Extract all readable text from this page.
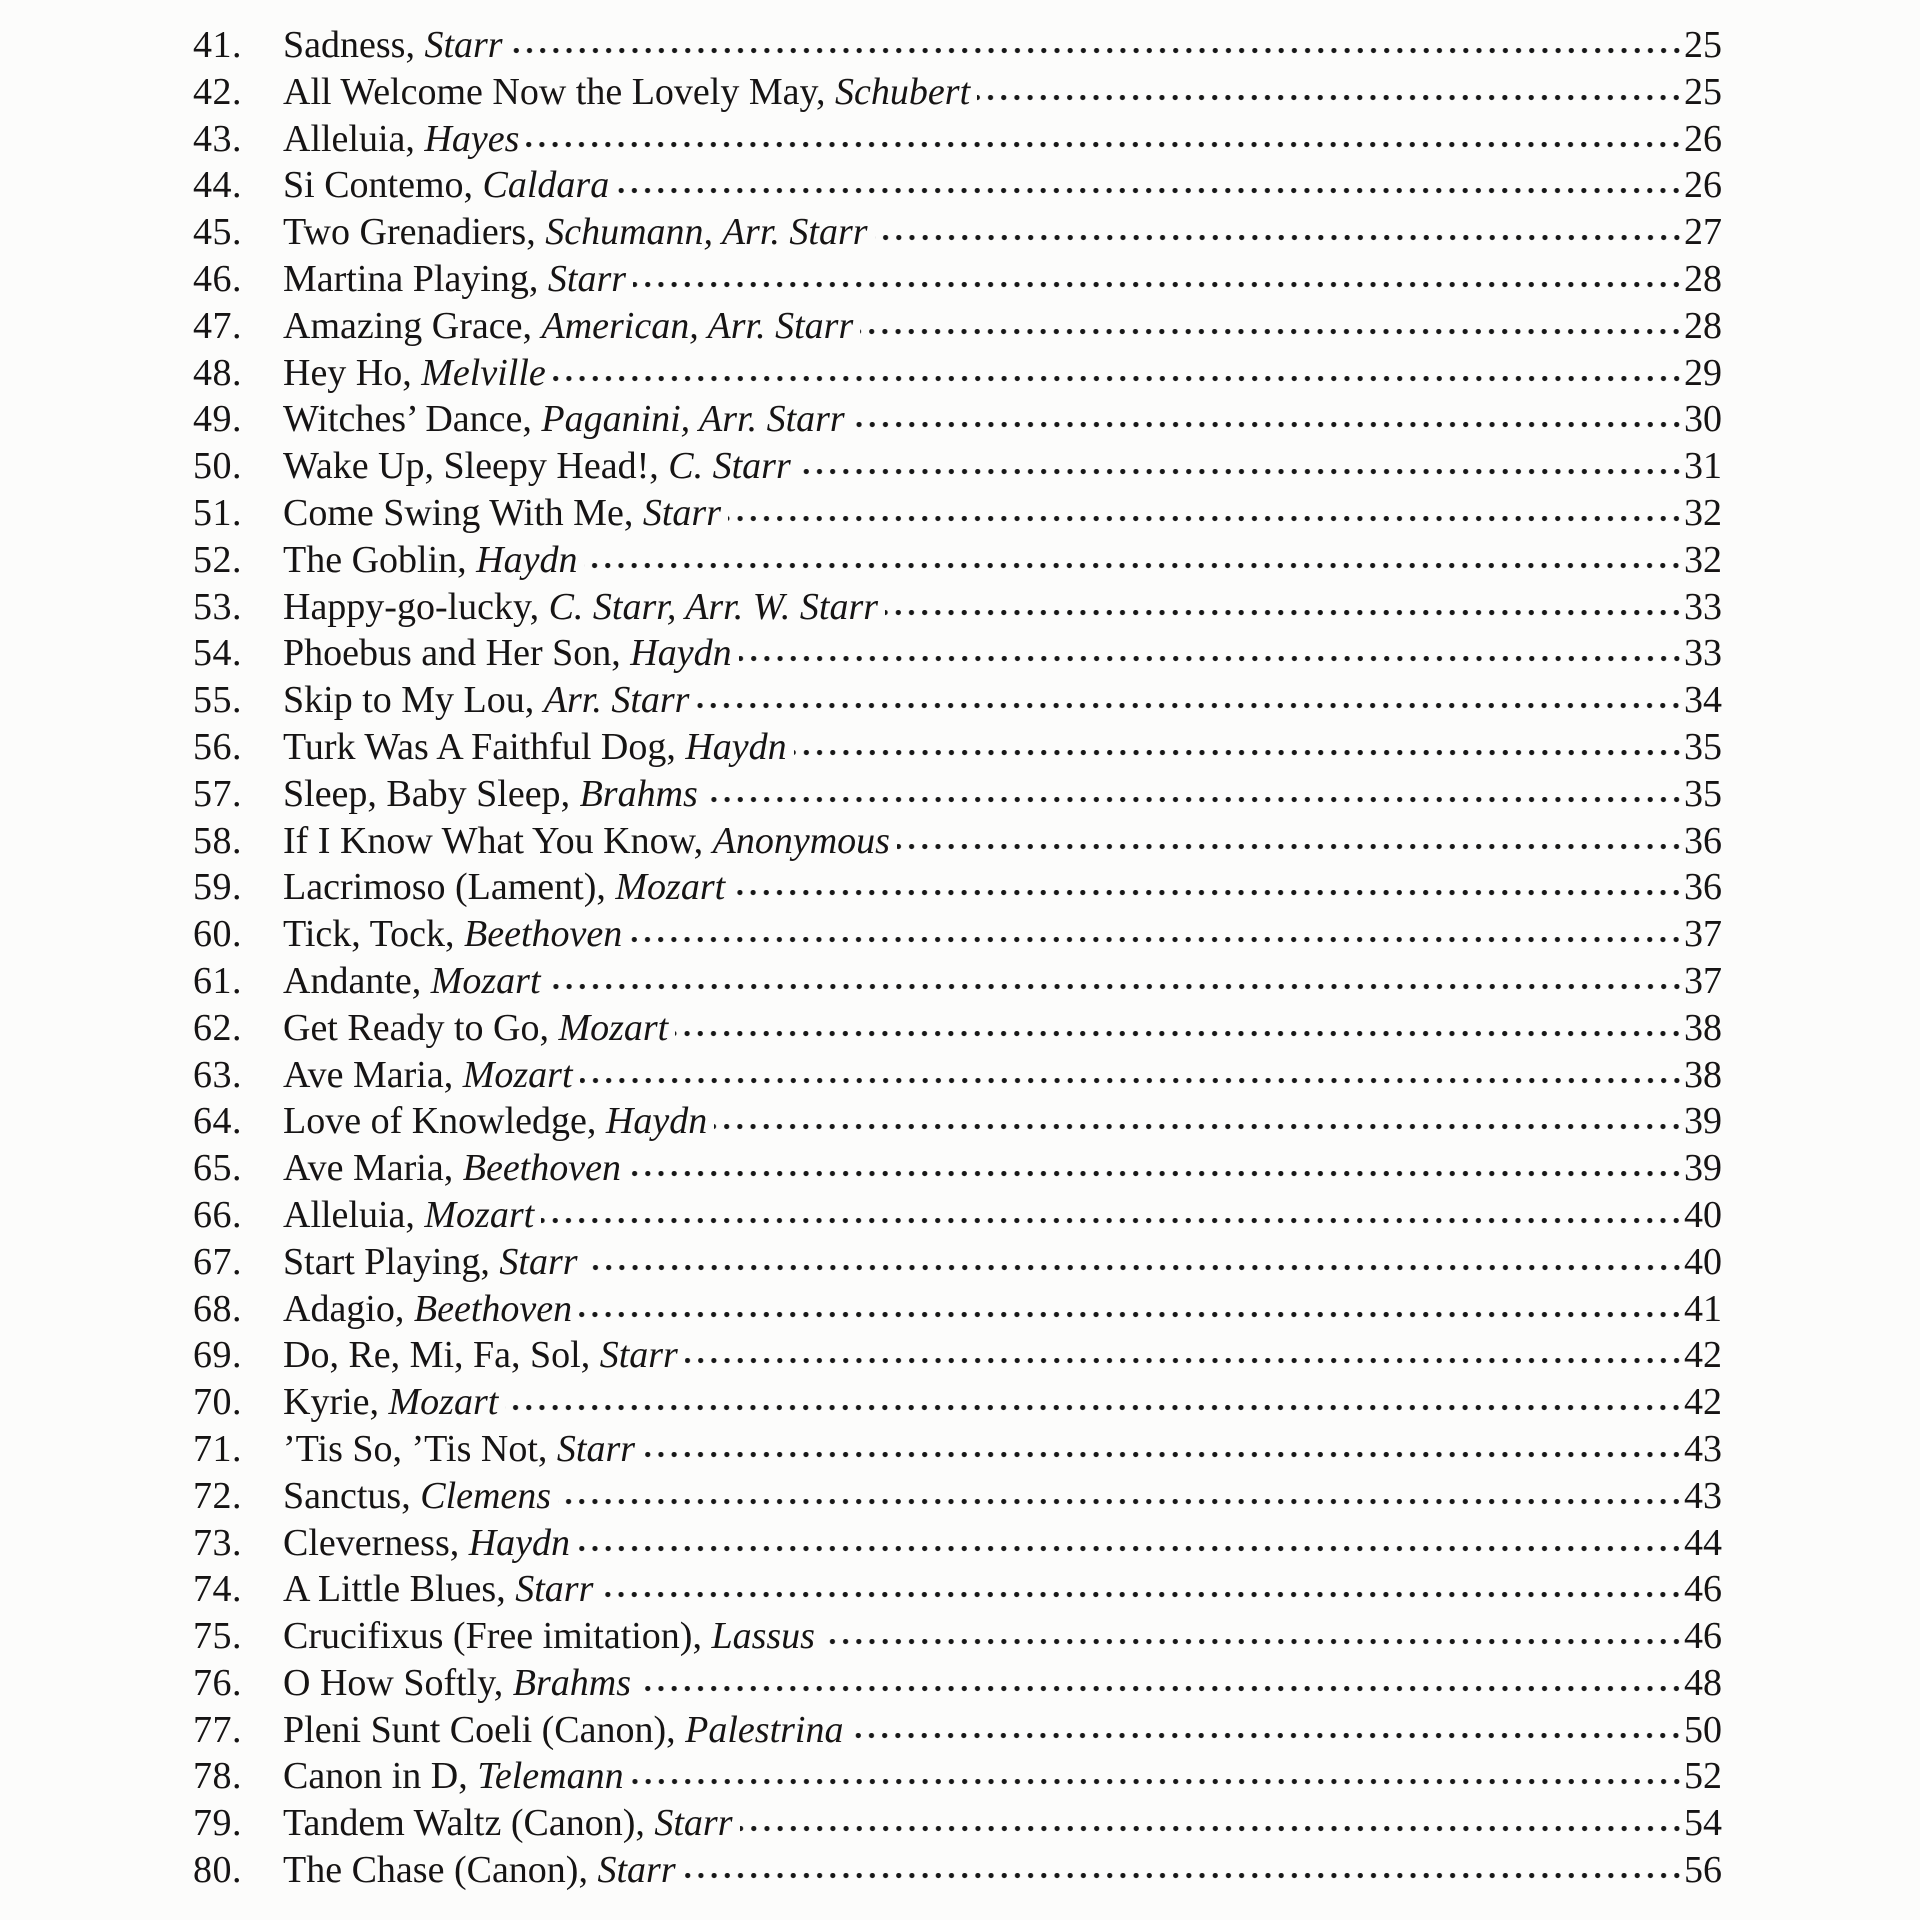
41.	Sadness, Starr	25
42.	All Welcome Now the Lovely May, Schubert	25
43.	Alleluia, Hayes	26
44.	Si Contemo, Caldara	26
45.	Two Grenadiers, Schumann, Arr. Starr	27
46.	Martina Playing, Starr	28
47.	Amazing Grace, American, Arr. Starr	28
48.	Hey Ho, Melville	29
49.	Witches’ Dance, Paganini, Arr. Starr	30
50.	Wake Up, Sleepy Head!, C. Starr	31
51.	Come Swing With Me, Starr	32
52.	The Goblin, Haydn	32
53.	Happy-go-lucky, C. Starr, Arr. W. Starr	33
54.	Phoebus and Her Son, Haydn	33
55.	Skip to My Lou, Arr. Starr	34
56.	Turk Was A Faithful Dog, Haydn	35
57.	Sleep, Baby Sleep, Brahms	35
58.	If I Know What You Know, Anonymous	36
59.	Lacrimoso (Lament), Mozart	36
60.	Tick, Tock, Beethoven	37
61.	Andante, Mozart	37
62.	Get Ready to Go, Mozart	38
63.	Ave Maria, Mozart	38
64.	Love of Knowledge, Haydn	39
65.	Ave Maria, Beethoven	39
66.	Alleluia, Mozart	40
67.	Start Playing, Starr	40
68.	Adagio, Beethoven	41
69.	Do, Re, Mi, Fa, Sol, Starr	42
70.	Kyrie, Mozart	42
71.	’Tis So, ’Tis Not, Starr	43
72.	Sanctus, Clemens	43
73.	Cleverness, Haydn	44
74.	A Little Blues, Starr	46
75.	Crucifixus (Free imitation), Lassus	46
76.	O How Softly, Brahms	48
77.	Pleni Sunt Coeli (Canon), Palestrina	50
78.	Canon in D, Telemann	52
79.	Tandem Waltz (Canon), Starr	54
80.	The Chase (Canon), Starr	56
